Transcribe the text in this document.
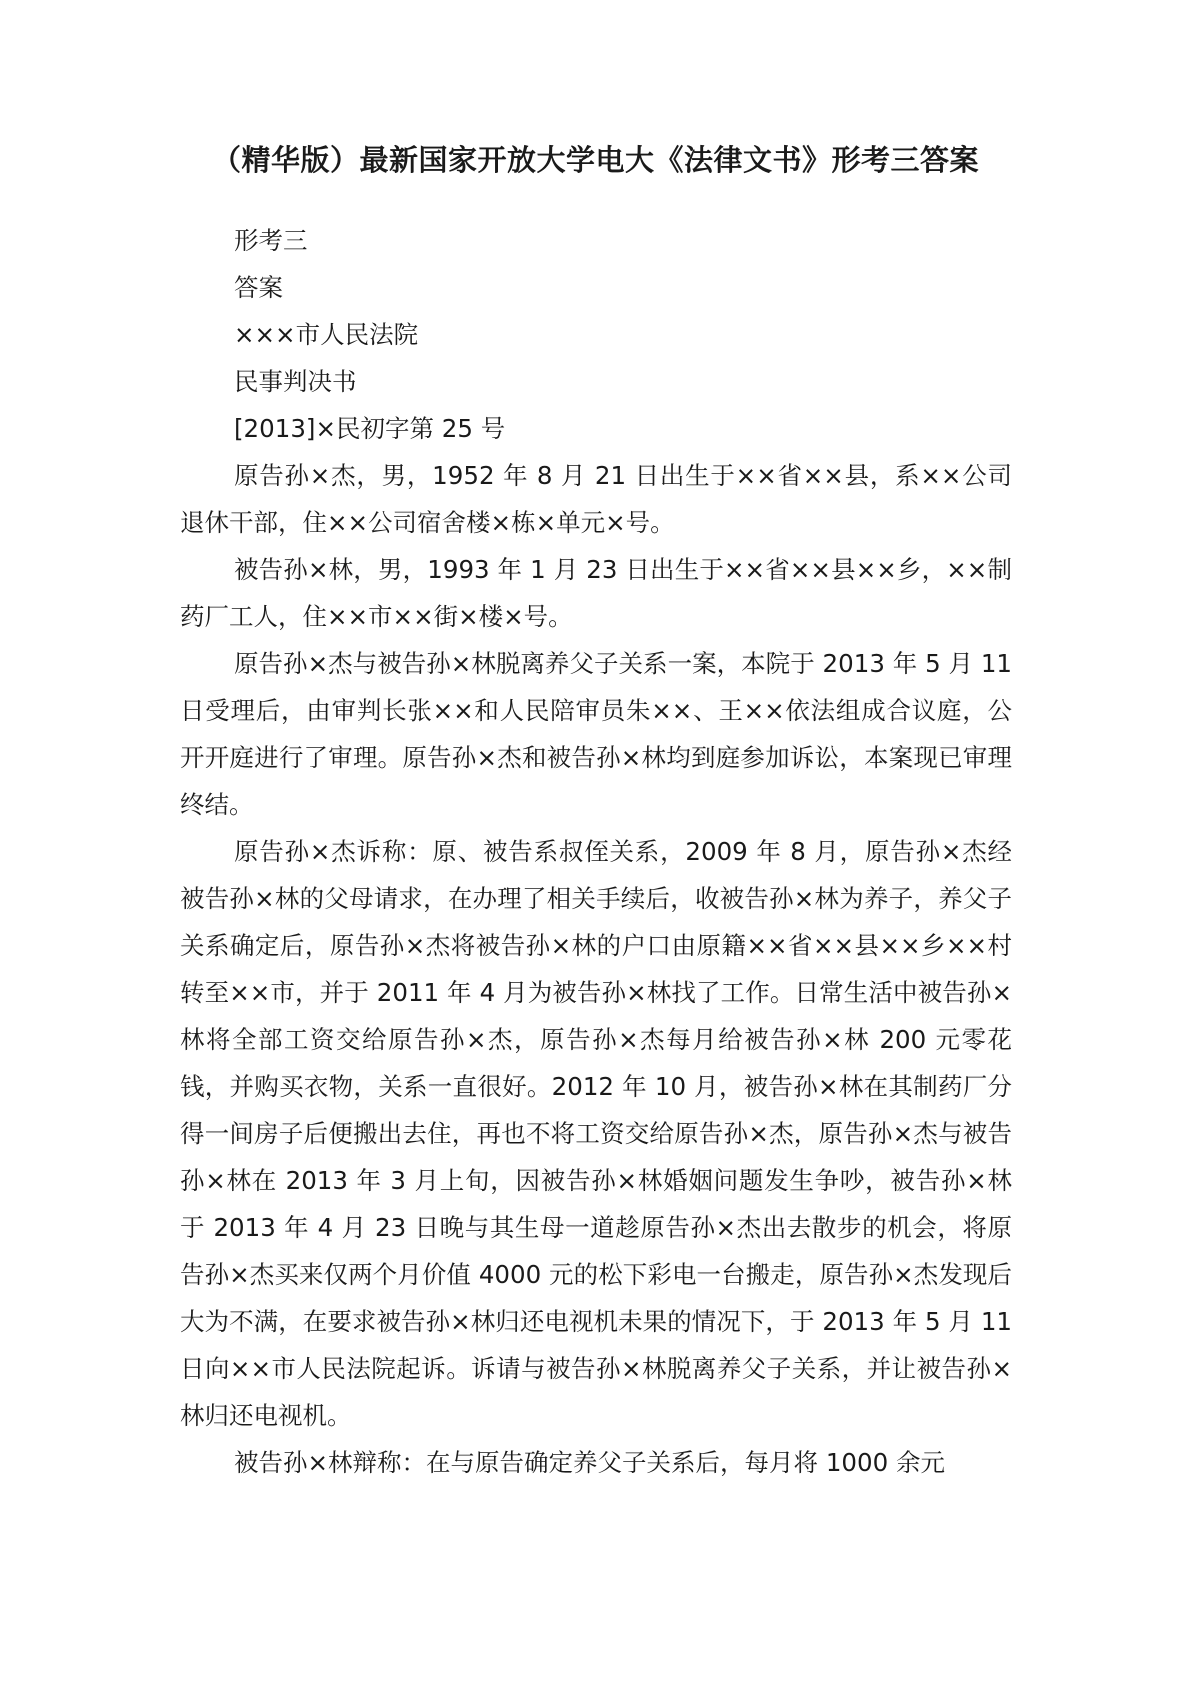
（精华版）最新国家开放大学电大《法律文书》形考三答案

形考三

答案

×××市人民法院

民事判决书

[2013]×民初字第 25 号

原告孙×杰，男，1952 年 8 月 21 日出生于××省××县，系××公司退休干部，住××公司宿舍楼×栋×单元×号。

被告孙×林，男，1993 年 1 月 23 日出生于××省××县××乡，××制药厂工人，住××市××街×楼×号。

原告孙×杰与被告孙×林脱离养父子关系一案，本院于 2013 年 5 月 11 日受理后，由审判长张××和人民陪审员朱××、王××依法组成合议庭，公开开庭进行了审理。原告孙×杰和被告孙×林均到庭参加诉讼，本案现已审理终结。

原告孙×杰诉称：原、被告系叔侄关系，2009 年 8 月，原告孙×杰经被告孙×林的父母请求，在办理了相关手续后，收被告孙×林为养子，养父子关系确定后，原告孙×杰将被告孙×林的户口由原籍××省××县××乡××村转至××市，并于 2011 年 4 月为被告孙×林找了工作。日常生活中被告孙×林将全部工资交给原告孙×杰，原告孙×杰每月给被告孙×林 200 元零花钱，并购买衣物，关系一直很好。2012 年 10 月，被告孙×林在其制药厂分得一间房子后便搬出去住，再也不将工资交给原告孙×杰，原告孙×杰与被告孙×林在 2013 年 3 月上旬，因被告孙×林婚姻问题发生争吵，被告孙×林于 2013 年 4 月 23 日晚与其生母一道趁原告孙×杰出去散步的机会，将原告孙×杰买来仅两个月价值 4000 元的松下彩电一台搬走，原告孙×杰发现后大为不满，在要求被告孙×林归还电视机未果的情况下，于 2013 年 5 月 11 日向××市人民法院起诉。诉请与被告孙×林脱离养父子关系，并让被告孙×林归还电视机。

被告孙×林辩称：在与原告确定养父子关系后，每月将 1000 余元
